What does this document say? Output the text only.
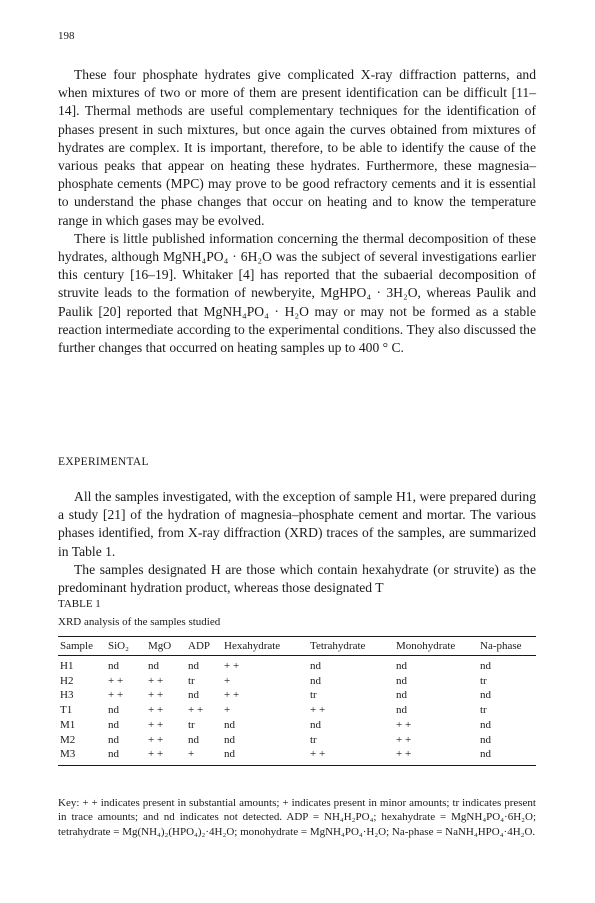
198

These four phosphate hydrates give complicated X-ray diffraction patterns, and when mixtures of two or more of them are present identification can be difficult [11–14]. Thermal methods are useful complementary techniques for the identification of phases present in such mixtures, but once again the curves obtained from mixtures of hydrates are complex. It is important, therefore, to be able to identify the cause of the various peaks that appear on heating these hydrates. Furthermore, these magnesia–phosphate cements (MPC) may prove to be good refractory cements and it is essential to understand the phase changes that occur on heating and to know the temperature range in which gases may be evolved.

There is little published information concerning the thermal decomposition of these hydrates, although MgNH₄PO₄ · 6H₂O was the subject of several investigations earlier this century [16–19]. Whitaker [4] has reported that the subaerial decomposition of struvite leads to the formation of newberyite, MgHPO₄ · 3H₂O, whereas Paulik and Paulik [20] reported that MgNH₄PO₄ · H₂O may or may not be formed as a stable reaction intermediate according to the experimental conditions. They also discussed the further changes that occurred on heating samples up to 400 ° C.

EXPERIMENTAL

All the samples investigated, with the exception of sample H1, were prepared during a study [21] of the hydration of magnesia–phosphate cement and mortar. The various phases identified, from X-ray diffraction (XRD) traces of the samples, are summarized in Table 1.

The samples designated H are those which contain hexahydrate (or struvite) as the predominant hydration product, whereas those designated T

TABLE 1
XRD analysis of the samples studied
Sample	SiO₂	MgO	ADP	Hexahydrate	Tetrahydrate	Monohydrate	Na-phase
H1	nd	nd	nd	+ +	nd	nd	nd
H2	+ +	+ +	tr	+	nd	nd	tr
H3	+ +	+ +	nd	+ +	tr	nd	nd
T1	nd	+ +	+ +	+	+ +	nd	tr
M1	nd	+ +	tr	nd	nd	+ +	nd
M2	nd	+ +	nd	nd	tr	+ +	nd
M3	nd	+ +	+	nd	+ +	+ +	nd

Key: + + indicates present in substantial amounts; + indicates present in minor amounts; tr indicates present in trace amounts; and nd indicates not detected. ADP = NH₄H₂PO₄; hexahydrate = MgNH₄PO₄·6H₂O; tetrahydrate = Mg(NH₄)₂(HPO₄)₂·4H₂O; monohydrate = MgNH₄PO₄·H₂O; Na-phase = NaNH₄HPO₄·4H₂O.
